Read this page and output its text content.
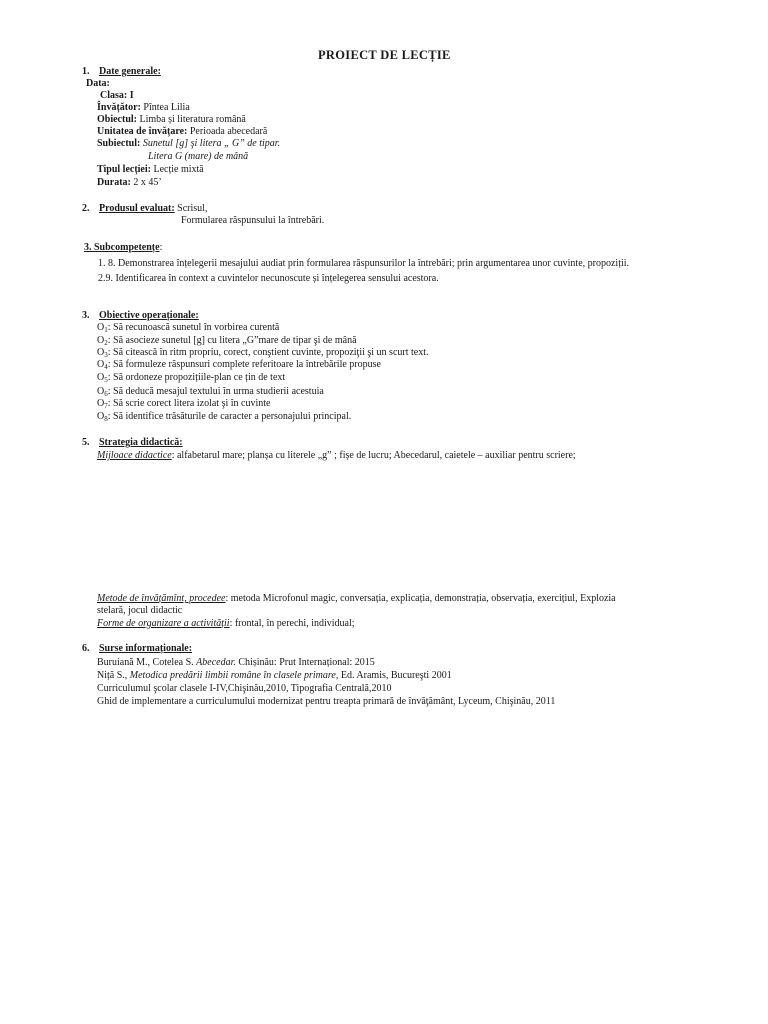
PROIECT DE LECȚIE
1. Date generale:
Data:
Clasa: I
Învățător: Pîntea Lilia
Obiectul: Limba și literatura română
Unitatea de învățare: Perioada abecedară
Subiectul: Sunetul [g] şi litera „ G” de tipar.
Litera G (mare) de mână
Tipul lecției: Lecție mixtă
Durata: 2 x 45’
2. Produsul evaluat: Scrisul,
Formularea răspunsului la întrebări.
3. Subcompetențe:
1. 8. Demonstrarea înțelegerii mesajului audiat prin formularea răspunsurilor la întrebări; prin argumentarea unor cuvinte, propoziții.
2.9. Identificarea în context a cuvintelor necunoscute și înțelegerea sensului acestora.
3. Obiective operaționale:
$O_1$: Să recunoască sunetul în vorbirea curentă
$O_2$: Să asocieze sunetul [g] cu litera „G”mare de tipar şi de mână
$O_3$: Să citească în ritm propriu, corect, conştient cuvinte, propoziţii şi un scurt text.
$O_4$: Să formuleze răspunsuri complete referitoare la întrebările propuse
$O_5$: Să ordoneze propozițiile-plan ce țin de text
$O_6$: Să deducă mesajul textului în urma studierii acestuia
$O_7$: Să scrie corect litera izolat şi în cuvinte
$O_8$: Să identifice trăsăturile de caracter a personajului principal.
5. Strategia didactică:
Mijloace didactice: alfabetarul mare; planșa cu literele „g” ; fișe de lucru; Abecedarul, caietele – auxiliar pentru scriere;
Metode de învățămînt, procedee: metoda Microfonul magic, conversația, explicația, demonstrația, observația, exercițiul, Explozia
stelară, jocul didactic
Forme de organizare a activității: frontal, în perechi, individual;
6. Surse informaționale:
Buruiană M., Cotelea S. Abecedar. Chișinău: Prut Internațional: 2015
Nițã S., Metodica predării limbii române în clasele primare, Ed. Aramis, Bucureşti 2001
Curriculumul şcolar clasele I-IV,Chişinău,2010, Tipografia Centrală,2010
Ghid de implementare a curriculumului modernizat pentru treapta primară de învăţământ, Lyceum, Chişinău, 2011
